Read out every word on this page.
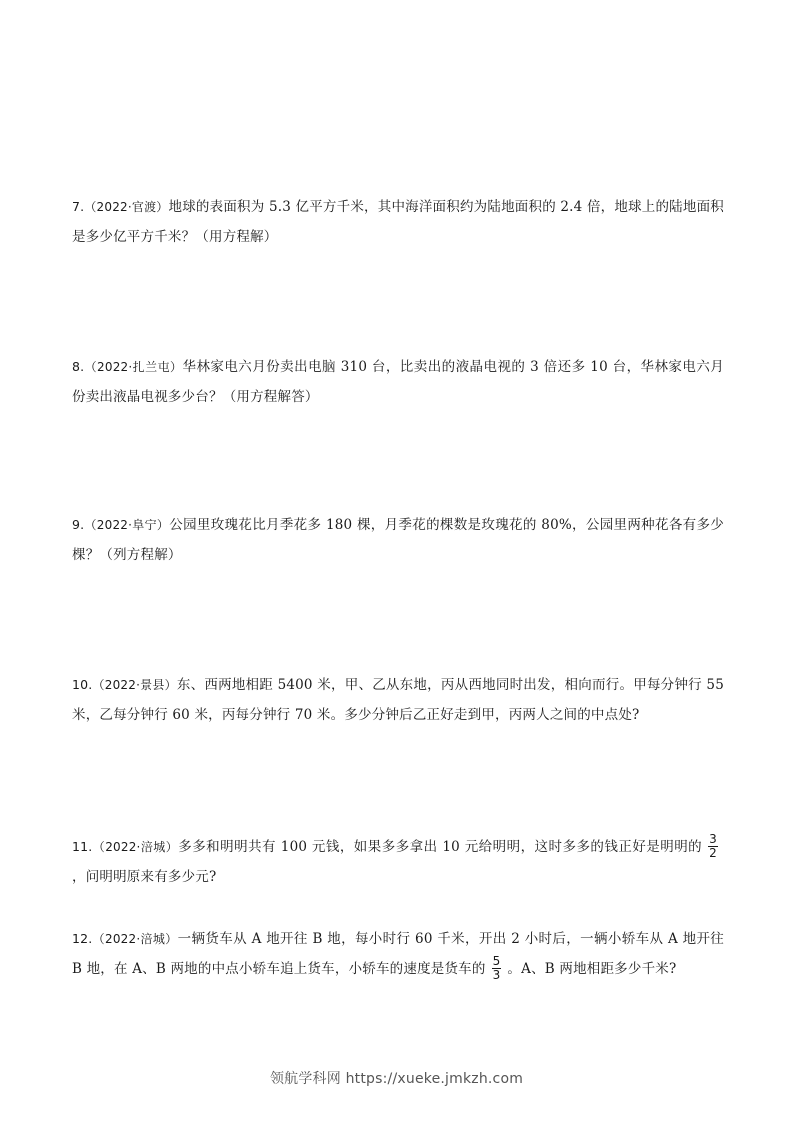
7.（2022·官渡）地球的表面积为 5.3 亿平方千米，其中海洋面积约为陆地面积的 2.4 倍，地球上的陆地面积是多少亿平方千米？（用方程解）
8.（2022·扎兰屯）华林家电六月份卖出电脑 310 台，比卖出的液晶电视的 3 倍还多 10 台，华林家电六月份卖出液晶电视多少台？（用方程解答）
9.（2022·阜宁）公园里玫瑰花比月季花多 180 棵，月季花的棵数是玫瑰花的 80%，公园里两种花各有多少棵？（列方程解）
10.（2022·景县）东、西两地相距 5400 米，甲、乙从东地，丙从西地同时出发，相向而行。甲每分钟行 55 米，乙每分钟行 60 米，丙每分钟行 70 米。多少分钟后乙正好走到甲，丙两人之间的中点处?
11.（2022·涪城）多多和明明共有 100 元钱，如果多多拿出 10 元给明明，这时多多的钱正好是明明的 $\frac{3}{2}$
，问明明原来有多少元?
12.（2022·涪城）一辆货车从 A 地开往 B 地，每小时行 60 千米，开出 2 小时后，一辆小轿车从 A 地开往 B 地，在 A、B 两地的中点小轿车追上货车，小轿车的速度是货车的 $\frac{5}{3}$ 。A、B 两地相距多少千米?
领航学科网 https://xueke.jmkzh.com
